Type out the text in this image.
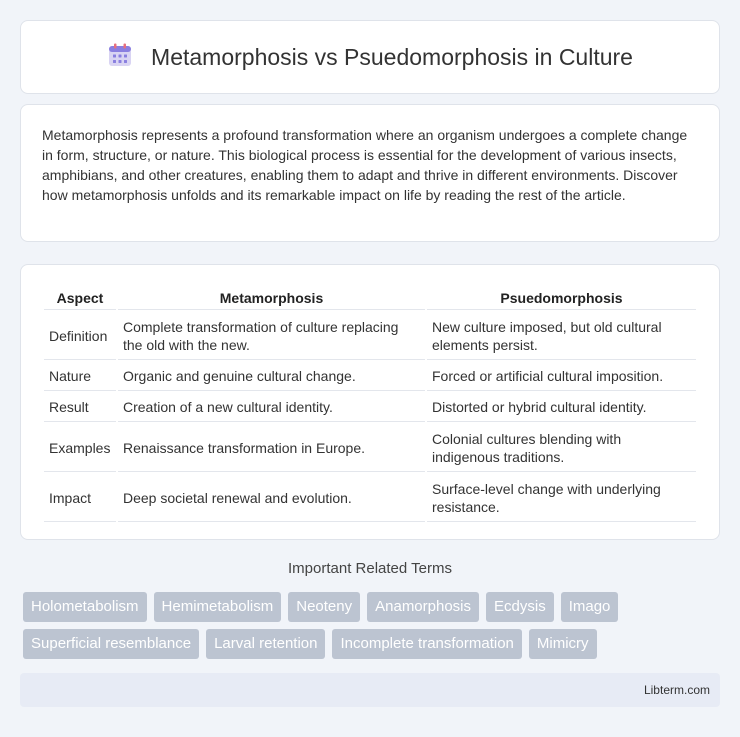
Metamorphosis vs Psuedomorphosis in Culture

Metamorphosis represents a profound transformation where an organism undergoes a complete change in form, structure, or nature. This biological process is essential for the development of various insects, amphibians, and other creatures, enabling them to adapt and thrive in different environments. Discover how metamorphosis unfolds and its remarkable impact on life by reading the rest of the article.

Aspect	Metamorphosis	Psuedomorphosis
Definition	Complete transformation of culture replacing the old with the new.	New culture imposed, but old cultural elements persist.
Nature	Organic and genuine cultural change.	Forced or artificial cultural imposition.
Result	Creation of a new cultural identity.	Distorted or hybrid cultural identity.
Examples	Renaissance transformation in Europe.	Colonial cultures blending with indigenous traditions.
Impact	Deep societal renewal and evolution.	Surface-level change with underlying resistance.
Important Related Terms
Holometabolism	Hemimetabolism	Neoteny	Anamorphosis	Ecdysis	Imago
Superficial resemblance	Larval retention	Incomplete transformation	Mimicry
Libterm.com
